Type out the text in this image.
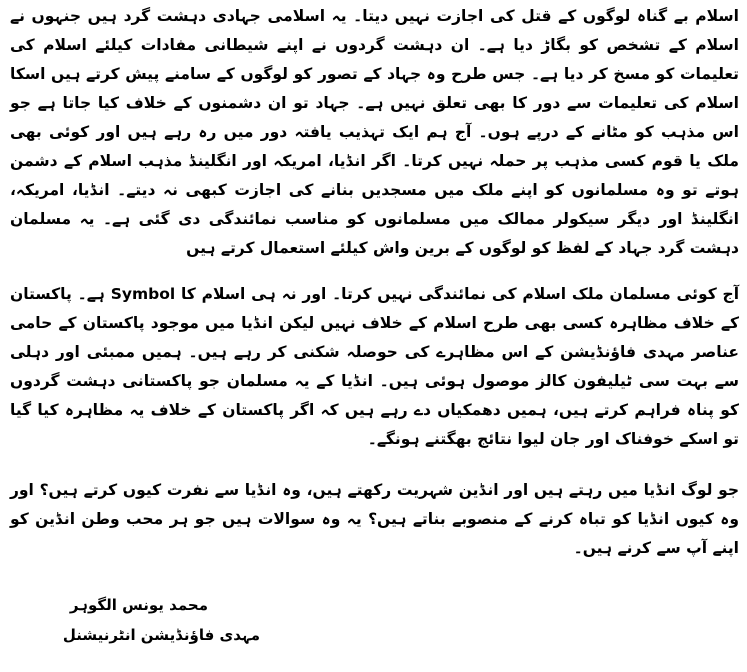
اسلام بے گناہ لوگوں کے قتل کی اجازت نہیں دیتا۔ یہ اسلامی جہادی دہشت گرد ہیں جنہوں نے اسلام کے تشخص کو بگاڑ دیا ہے۔ ان دہشت گردوں نے اپنے شیطانی مفادات کیلئے اسلام کی تعلیمات کو مسخ کر دیا ہے۔ جس طرح وہ جہاد کے تصور کو لوگوں کے سامنے پیش کرتے ہیں اسکا اسلام کی تعلیمات سے دور کا بھی تعلق نہیں ہے۔ جہاد تو ان دشمنوں کے خلاف کیا جاتا ہے جو اس مذہب کو مٹانے کے درپے ہوں۔ آج ہم ایک تہذیب یافتہ دور میں رہ رہے ہیں اور کوئی بھی ملک یا قوم کسی مذہب پر حملہ نہیں کرتا۔ اگر انڈیا، امریکہ اور انگلینڈ مذہب اسلام کے دشمن ہوتے تو وہ مسلمانوں کو اپنے ملک میں مسجدیں بنانے کی اجازت کبھی نہ دیتے۔ انڈیا، امریکہ، انگلینڈ اور دیگر سیکولر ممالک میں مسلمانوں کو مناسب نمائندگی دی گئی ہے۔ یہ مسلمان دہشت گرد جہاد کے لفظ کو لوگوں کے برین واش کیلئے استعمال کرتے ہیں

آج کوئی مسلمان ملک اسلام کی نمائندگی نہیں کرتا۔ اور نہ ہی اسلام کا Symbol ہے۔ پاکستان کے خلاف مظاہرہ کسی بھی طرح اسلام کے خلاف نہیں لیکن انڈیا میں موجود پاکستان کے حامی عناصر مہدی فاؤنڈیشن کے اس مظاہرے کی حوصلہ شکنی کر رہے ہیں۔ ہمیں ممبئی اور دہلی سے بہت سی ٹیلیفون کالز موصول ہوئی ہیں۔ انڈیا کے یہ مسلمان جو پاکستانی دہشت گردوں کو پناہ فراہم کرتے ہیں، ہمیں دھمکیاں دے رہے ہیں کہ اگر پاکستان کے خلاف یہ مظاہرہ کیا گیا تو اسکے خوفناک اور جان لیوا نتائج بھگتنے ہونگے۔

جو لوگ انڈیا میں رہتے ہیں اور انڈین شہریت رکھتے ہیں، وہ انڈیا سے نفرت کیوں کرتے ہیں؟ اور وہ کیوں انڈیا کو تباہ کرنے کے منصوبے بناتے ہیں؟ یہ وہ سوالات ہیں جو ہر محب وطن انڈین کو اپنے آپ سے کرنے ہیں۔

محمد یونس الگوہر
مہدی فاؤنڈیشن انٹرنیشنل
